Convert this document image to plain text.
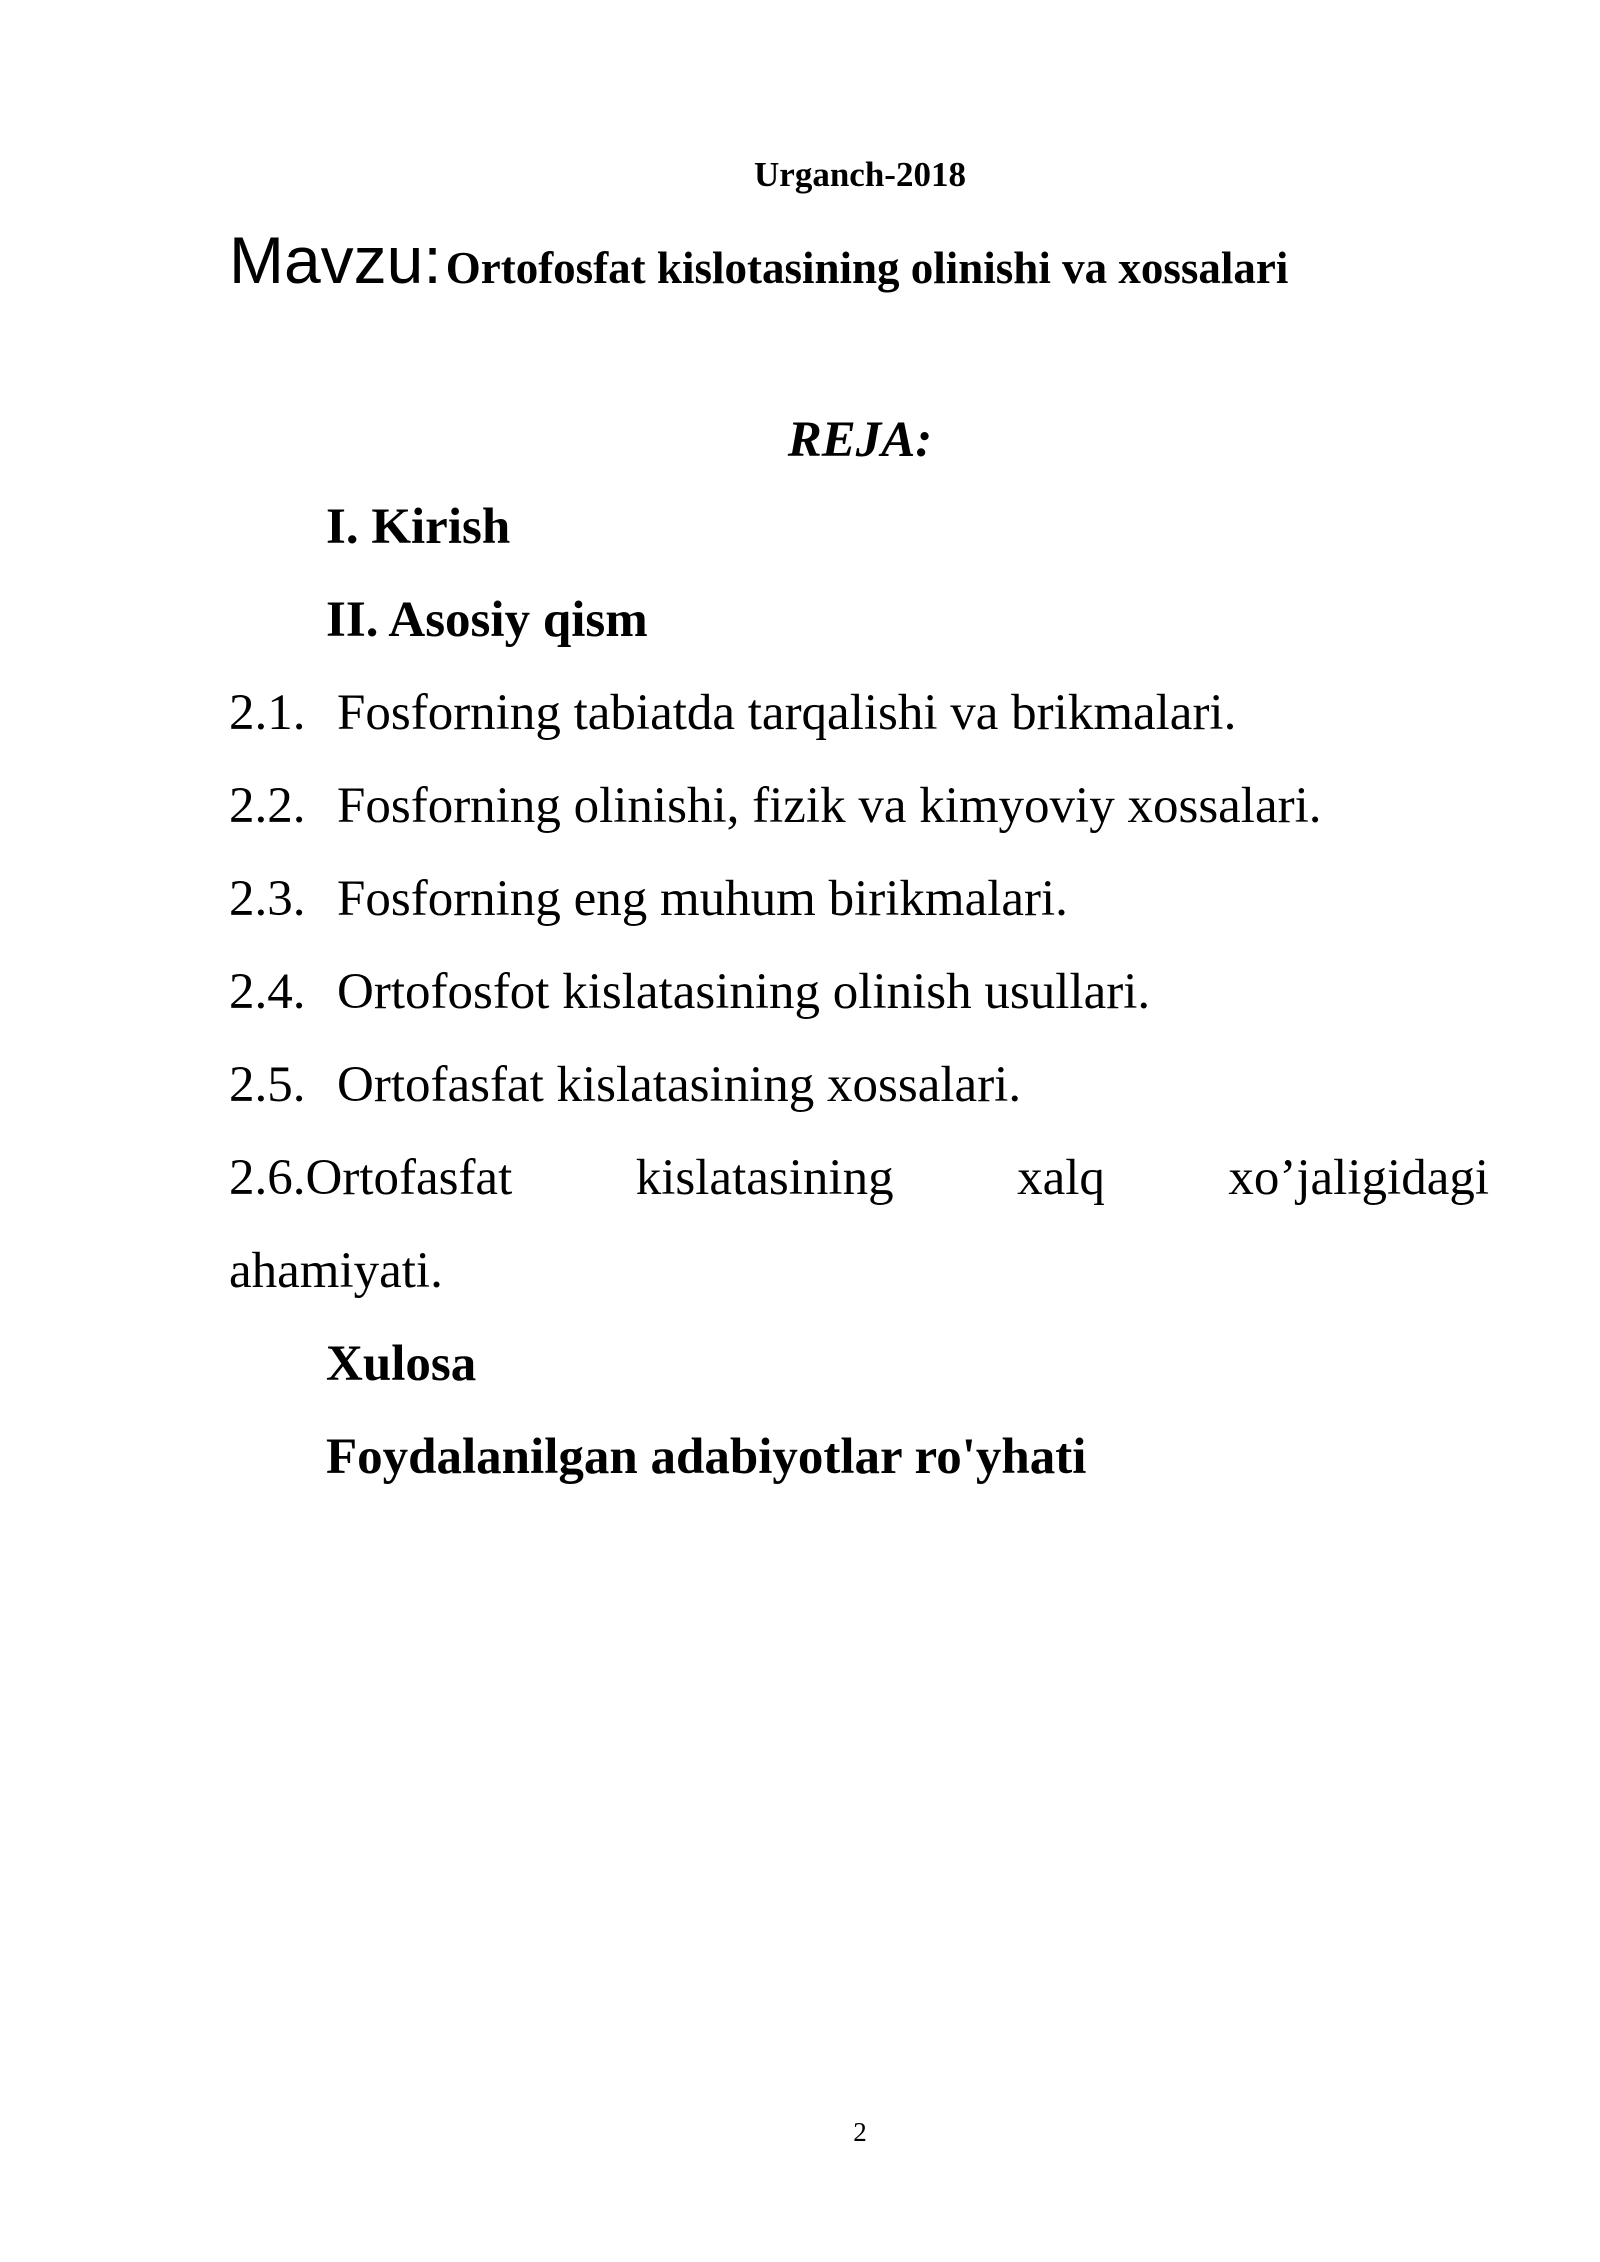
Urganch-2018
Mavzu: Ortofosfat kislotasining olinishi va xossalari
REJA:
I. Kirish
II. Asosiy qism
2.1. Fosforning tabiatda tarqalishi va brikmalari.
2.2. Fosforning olinishi, fizik va kimyoviy xossalari.
2.3. Fosforning eng muhum birikmalari.
2.4. Ortofosfot kislatasining olinish usullari.
2.5. Ortofasfat kislatasining xossalari.
2.6.Ortofasfat kislatasining xalq xo’jaligidagi
ahamiyati.
Xulosa
Foydalanilgan adabiyotlar ro'yhati
2
